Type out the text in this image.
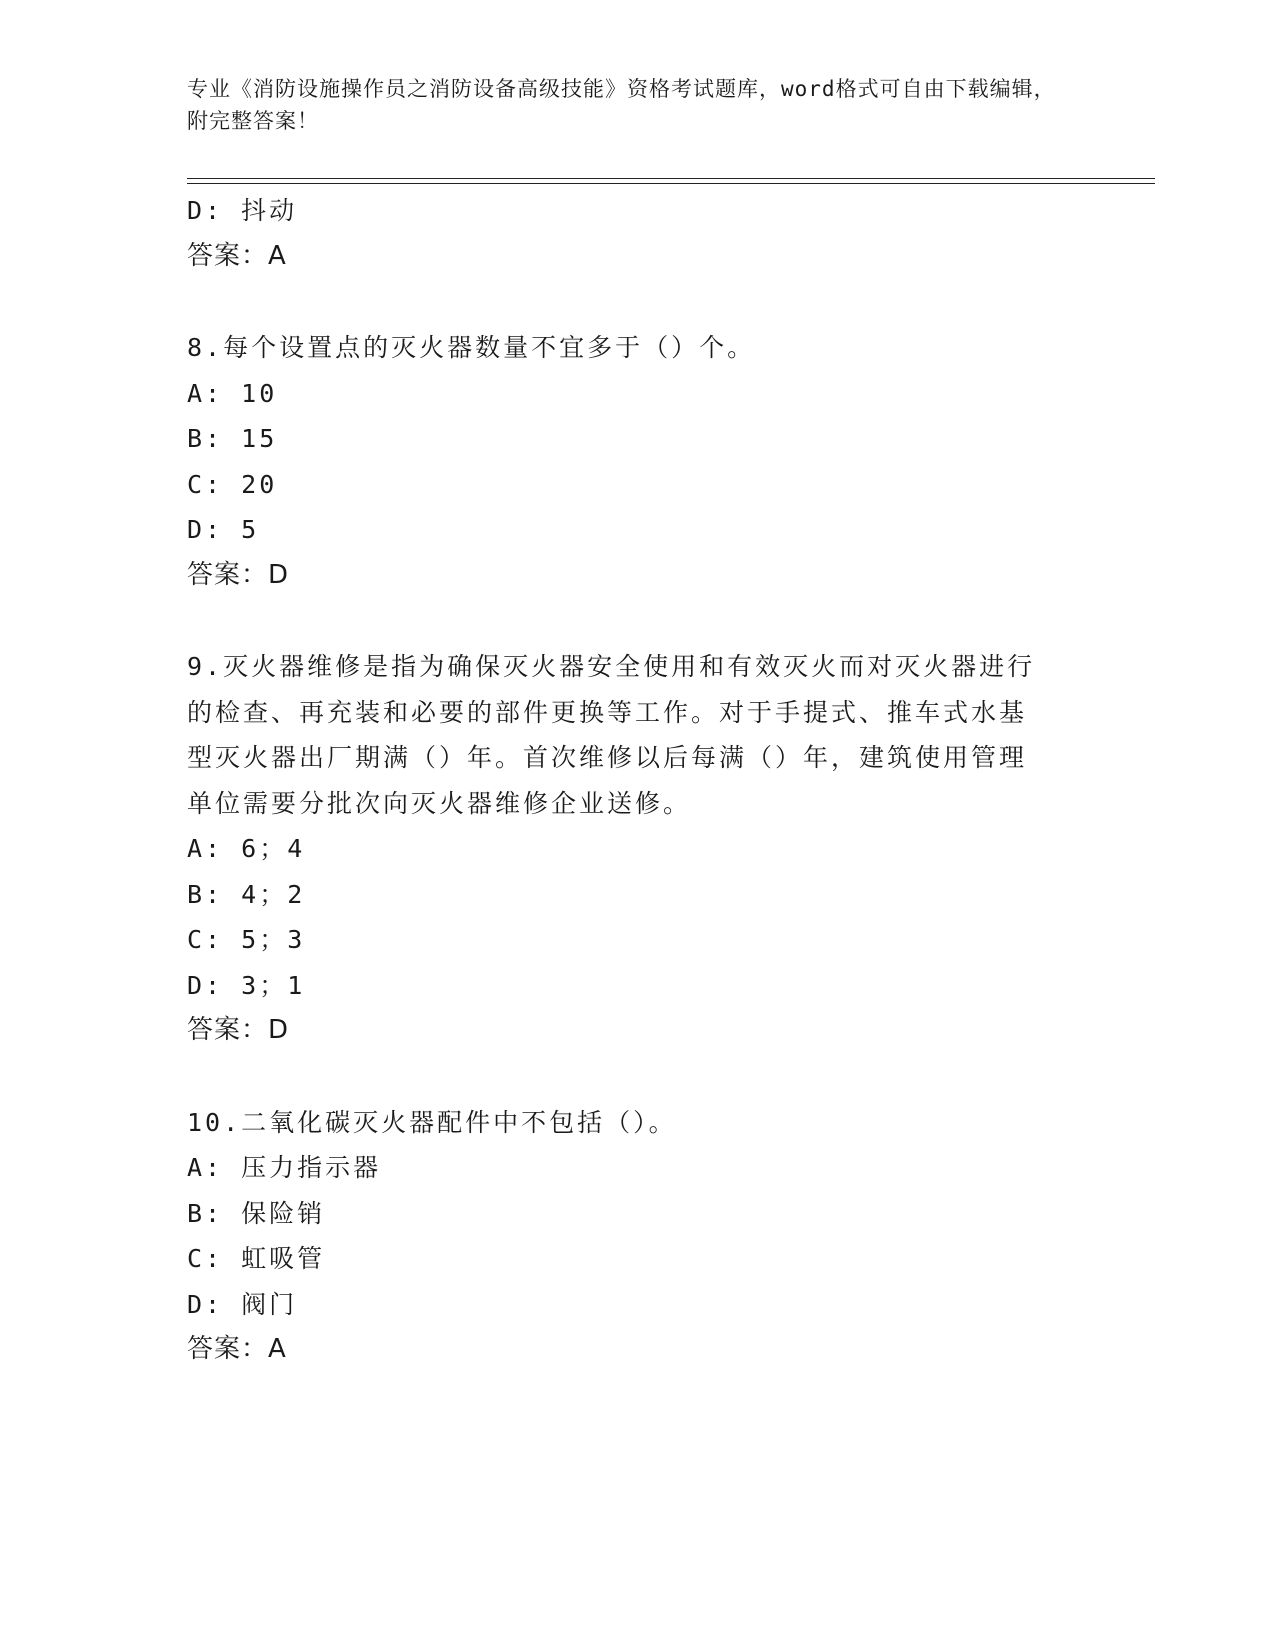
专业《消防设施操作员之消防设备高级技能》资格考试题库，word格式可自由下载编辑，附完整答案！
D: 抖动
答案：A
8.每个设置点的灭火器数量不宜多于（）个。
A: 10
B: 15
C: 20
D: 5
答案：D
9.灭火器维修是指为确保灭火器安全使用和有效灭火而对灭火器进行的检查、再充装和必要的部件更换等工作。对于手提式、推车式水基型灭火器出厂期满（）年。首次维修以后每满（）年，建筑使用管理单位需要分批次向灭火器维修企业送修。
A: 6；4
B: 4；2
C: 5；3
D: 3；1
答案：D
10.二氧化碳灭火器配件中不包括（）。
A: 压力指示器
B: 保险销
C: 虹吸管
D: 阀门
答案：A
